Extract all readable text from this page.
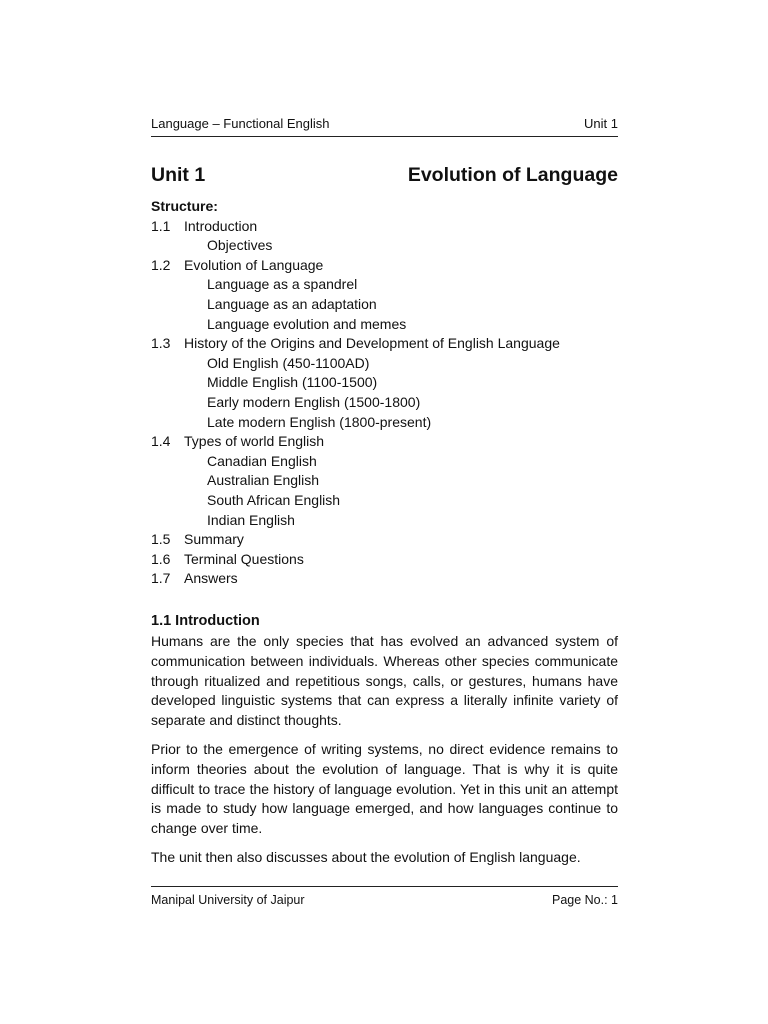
Language – Functional English	Unit 1
Unit 1	Evolution of Language
Structure:
1.1 Introduction
Objectives
1.2 Evolution of Language
Language as a spandrel
Language as an adaptation
Language evolution and memes
1.3 History of the Origins and Development of English Language
Old English (450-1100AD)
Middle English (1100-1500)
Early modern English (1500-1800)
Late modern English (1800-present)
1.4 Types of world English
Canadian English
Australian English
South African English
Indian English
1.5 Summary
1.6 Terminal Questions
1.7 Answers
1.1 Introduction

Humans are the only species that has evolved an advanced system of communication between individuals. Whereas other species communicate through ritualized and repetitious songs, calls, or gestures, humans have developed linguistic systems that can express a literally infinite variety of separate and distinct thoughts.

Prior to the emergence of writing systems, no direct evidence remains to inform theories about the evolution of language. That is why it is quite difficult to trace the history of language evolution. Yet in this unit an attempt is made to study how language emerged, and how languages continue to change over time.

The unit then also discusses about the evolution of English language.

Manipal University of Jaipur	Page No.: 1
